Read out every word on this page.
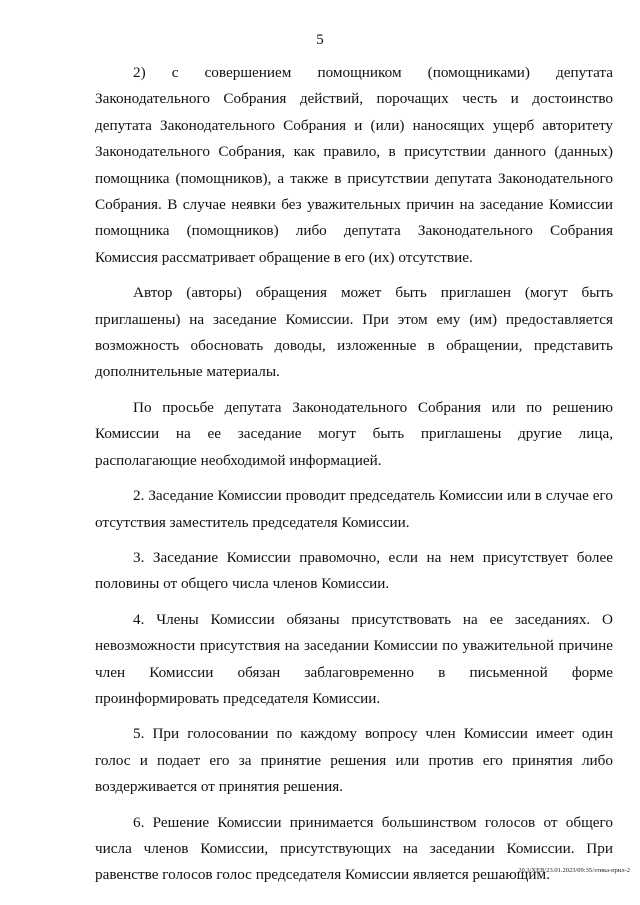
5

2) с совершением помощником (помощниками) депутата Законодательного Собрания действий, порочащих честь и достоинство депутата Законодательного Собрания и (или) наносящих ущерб авторитету Законодательного Собрания, как правило, в присутствии данного (данных) помощника (помощников), а также в присутствии депутата Законодательного Собрания. В случае неявки без уважительных причин на заседание Комиссии помощника (помощников) либо депутата Законодательного Собрания Комиссия рассматривает обращение в его (их) отсутствие.

Автор (авторы) обращения может быть приглашен (могут быть приглашены) на заседание Комиссии. При этом ему (им) предоставляется возможность обосновать доводы, изложенные в обращении, представить дополнительные материалы.

По просьбе депутата Законодательного Собрания или по решению Комиссии на ее заседание могут быть приглашены другие лица, располагающие необходимой информацией.

2. Заседание Комиссии проводит председатель Комиссии или в случае его отсутствия заместитель председателя Комиссии.

3. Заседание Комиссии правомочно, если на нем присутствует более половины от общего числа членов Комиссии.

4. Члены Комиссии обязаны присутствовать на ее заседаниях. О невозможности присутствия на заседании Комиссии по уважительной причине член Комиссии обязан заблаговременно в письменной форме проинформировать председателя Комиссии.

5. При голосовании по каждому вопросу член Комиссии имеет один голос и подает его за принятие решения или против его принятия либо воздерживается от принятия решения.

6. Решение Комиссии принимается большинством голосов от общего числа членов Комиссии, присутствующих на заседании Комиссии. При равенстве голосов голос председателя Комиссии является решающим.

20.3/ХЕВ/23.01.2023/09:35/этика-прил-2
